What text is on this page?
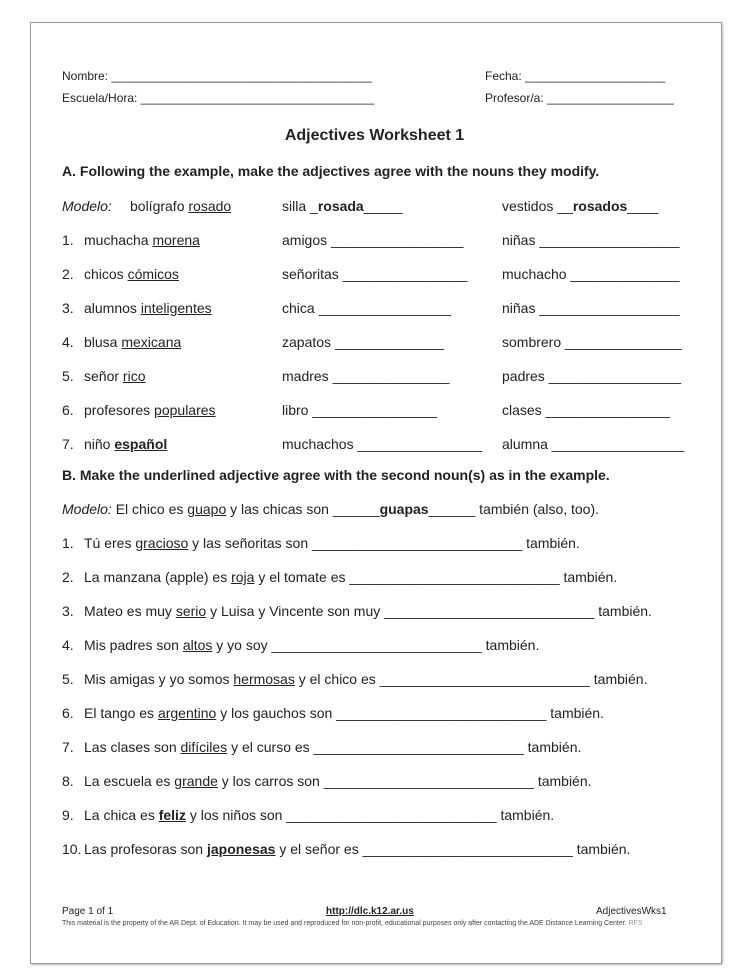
Nombre: _______________________________________	Fecha: _____________________
Escuela/Hora: ___________________________________	Profesor/a: ___________________
Adjectives Worksheet 1
A. Following the example, make the adjectives agree with the nouns they modify.
Modelo: bolígrafo rosado	silla _rosada_____	vestidos __rosados____
1. muchacha morena	amigos _________________	niñas __________________
2. chicos cómicos	señoritas ________________ muchacho ______________
3. alumnos inteligentes	chica _________________	niñas __________________
4. blusa mexicana	zapatos ______________	sombrero _______________
5. señor rico	madres _______________	padres _________________
6. profesores populares	libro ________________	clases ________________
7. niño español	muchachos ________________ alumna _________________
B. Make the underlined adjective agree with the second noun(s) as in the example.
Modelo: El chico es guapo y las chicas son ______guapas______ también (also, too).
1. Tú eres gracioso y las señoritas son ___________________________ también.
2. La manzana (apple) es roja y el tomate es ___________________________ también.
3. Mateo es muy serio y Luisa y Vincente son muy ___________________________ también.
4. Mis padres son altos y yo soy ___________________________ también.
5. Mis amigas y yo somos hermosas y el chico es ___________________________ también.
6. El tango es argentino y los gauchos son ___________________________ también.
7. Las clases son difíciles y el curso es ___________________________ también.
8. La escuela es grande y los carros son ___________________________ también.
9. La chica es feliz y los niños son ___________________________ también.
10. Las profesoras son japonesas y el señor es ___________________________ también.
Page 1 of 1	http://dlc.k12.ar.us	AdjectivesWks1
This material is the property of the AR Dept. of Education. It may be used and reproduced for non-profit, educational purposes only after contacting the ADE Distance Learning Center. RFS
